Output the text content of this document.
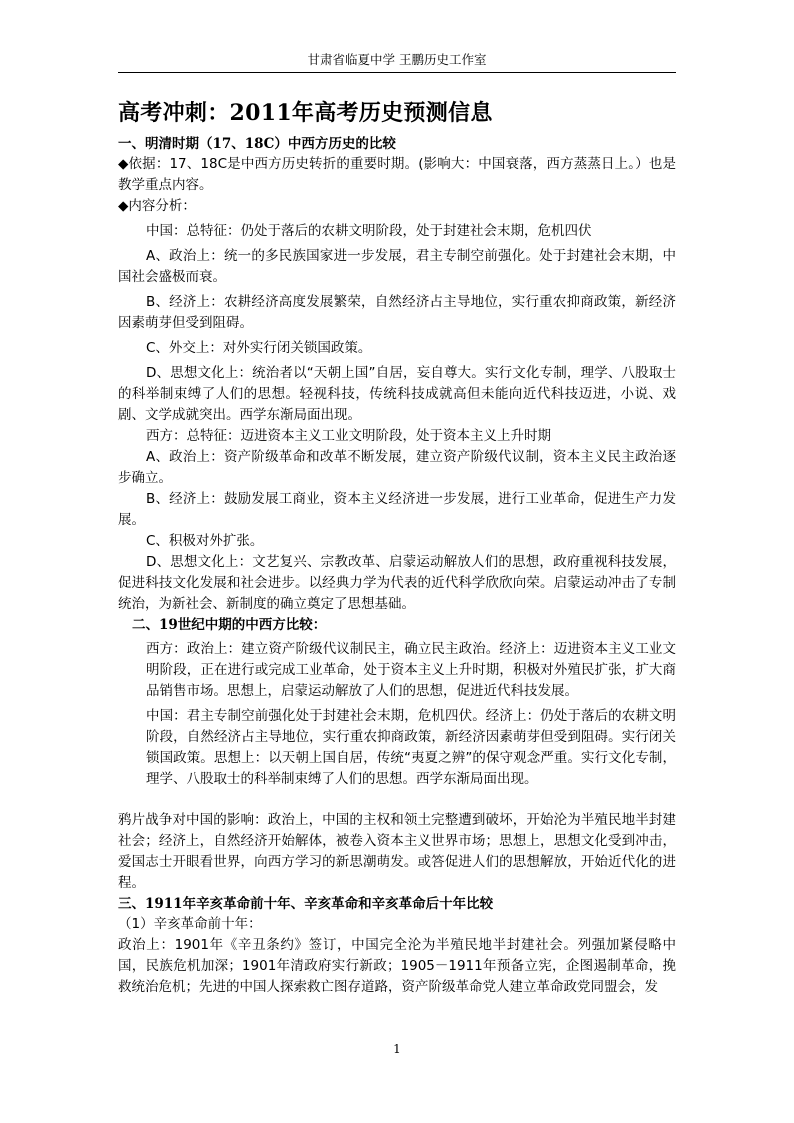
甘肃省临夏中学 王鹏历史工作室
高考冲刺：2011年高考历史预测信息
一、明清时期（17、18C）中西方历史的比较

◆依据：17、18C是中西方历史转折的重要时期。(影响大：中国衰落，西方蒸蒸日上。）也是教学重点内容。

◆内容分析：

中国：总特征：仍处于落后的农耕文明阶段，处于封建社会末期，危机四伏

A、政治上：统一的多民族国家进一步发展，君主专制空前强化。处于封建社会末期，中国社会盛极而衰。

B、经济上：农耕经济高度发展繁荣，自然经济占主导地位，实行重农抑商政策，新经济因素萌芽但受到阻碍。

C、外交上：对外实行闭关锁国政策。

D、思想文化上：统治者以“天朝上国”自居，妄自尊大。实行文化专制，理学、八股取士的科举制束缚了人们的思想。轻视科技，传统科技成就高但未能向近代科技迈进，小说、戏剧、文学成就突出。西学东渐局面出现。

西方：总特征：迈进资本主义工业文明阶段，处于资本主义上升时期

A、政治上：资产阶级革命和改革不断发展，建立资产阶级代议制，资本主义民主政治逐步确立。

B、经济上：鼓励发展工商业，资本主义经济进一步发展，进行工业革命，促进生产力发展。

C、积极对外扩张。

D、思想文化上：文艺复兴、宗教改革、启蒙运动解放人们的思想，政府重视科技发展，促进科技文化发展和社会进步。以经典力学为代表的近代科学欣欣向荣。启蒙运动冲击了专制统治，为新社会、新制度的确立奠定了思想基础。

二、19世纪中期的中西方比较：

西方：政治上：建立资产阶级代议制民主，确立民主政治。经济上：迈进资本主义工业文明阶段，正在进行或完成工业革命，处于资本主义上升时期，积极对外殖民扩张，扩大商品销售市场。思想上，启蒙运动解放了人们的思想，促进近代科技发展。

中国：君主专制空前强化处于封建社会末期，危机四伏。经济上：仍处于落后的农耕文明阶段，自然经济占主导地位，实行重农抑商政策，新经济因素萌芽但受到阻碍。实行闭关锁国政策。思想上：以天朝上国自居，传统“夷夏之辨”的保守观念严重。实行文化专制，理学、八股取士的科举制束缚了人们的思想。西学东渐局面出现。

鸦片战争对中国的影响：政治上，中国的主权和领土完整遭到破坏，开始沦为半殖民地半封建社会；经济上，自然经济开始解体，被卷入资本主义世界市场；思想上，思想文化受到冲击，爱国志士开眼看世界，向西方学习的新思潮萌发。或答促进人们的思想解放，开始近代化的进程。

三、1911年辛亥革命前十年、辛亥革命和辛亥革命后十年比较

（1）辛亥革命前十年：

政治上：1901年《辛丑条约》签订，中国完全沦为半殖民地半封建社会。列强加紧侵略中国，民族危机加深；1901年清政府实行新政；1905－1911年预备立宪，企图遏制革命，挽救统治危机；先进的中国人探索救亡图存道路，资产阶级革命党人建立革命政党同盟会，发

1
